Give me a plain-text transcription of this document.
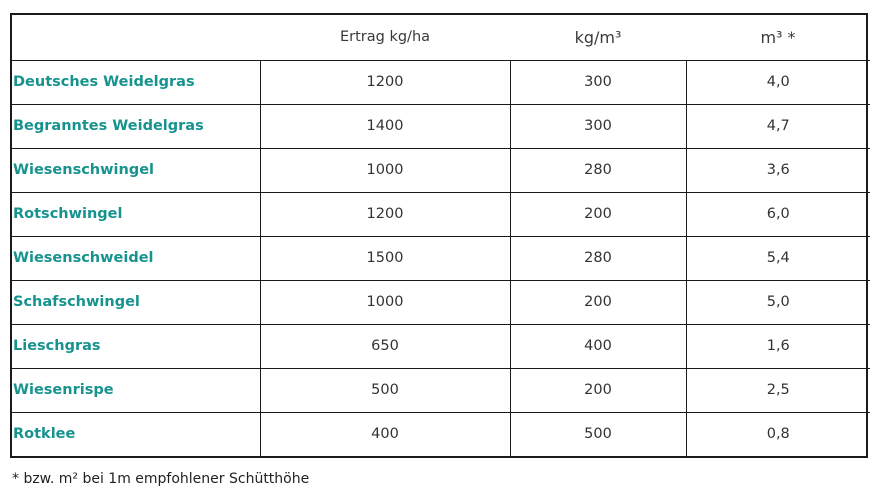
	Ertrag kg/ha	kg/m³	m³ *
Deutsches Weidelgras	1200	300	4,0
Begranntes Weidelgras	1400	300	4,7
Wiesenschwingel	1000	280	3,6
Rotschwingel	1200	200	6,0
Wiesenschweidel	1500	280	5,4
Schafschwingel	1000	200	5,0
Lieschgras	650	400	1,6
Wiesenrispe	500	200	2,5
Rotklee	400	500	0,8
* bzw. m² bei 1m empfohlener Schütthöhe
